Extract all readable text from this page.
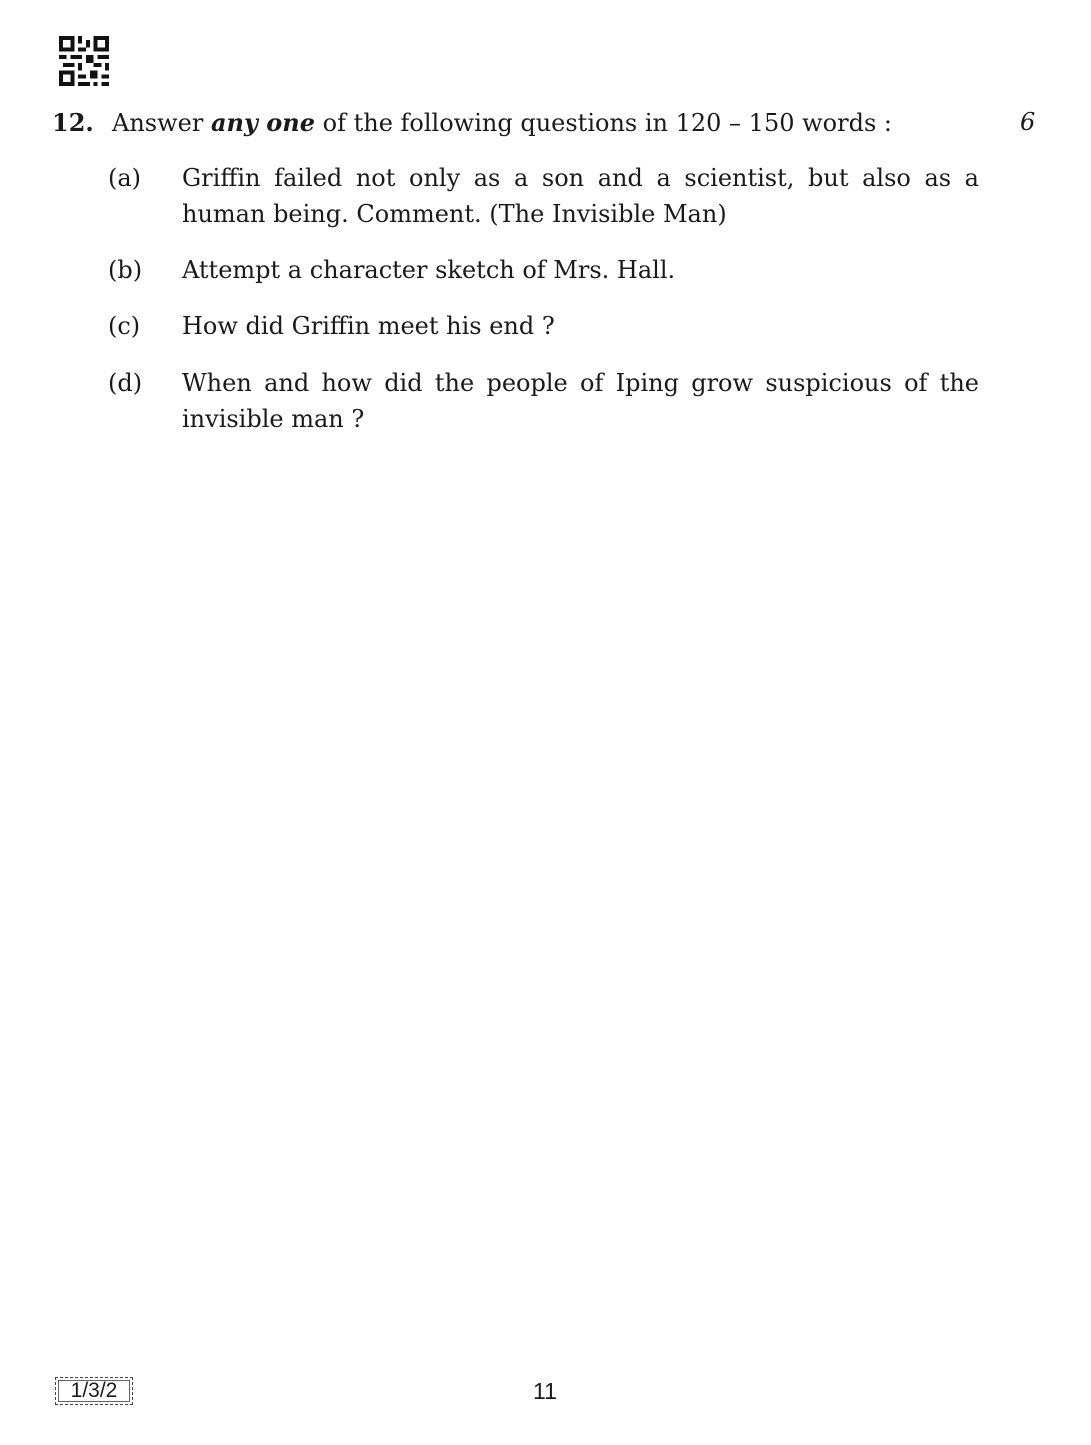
12. Answer any one of the following questions in 120 – 150 words :	6
(a) Griffin failed not only as a son and a scientist, but also as a human being. Comment. (The Invisible Man)
(b) Attempt a character sketch of Mrs. Hall.
(c) How did Griffin meet his end ?
(d) When and how did the people of Iping grow suspicious of the invisible man ?
1/3/2	11
